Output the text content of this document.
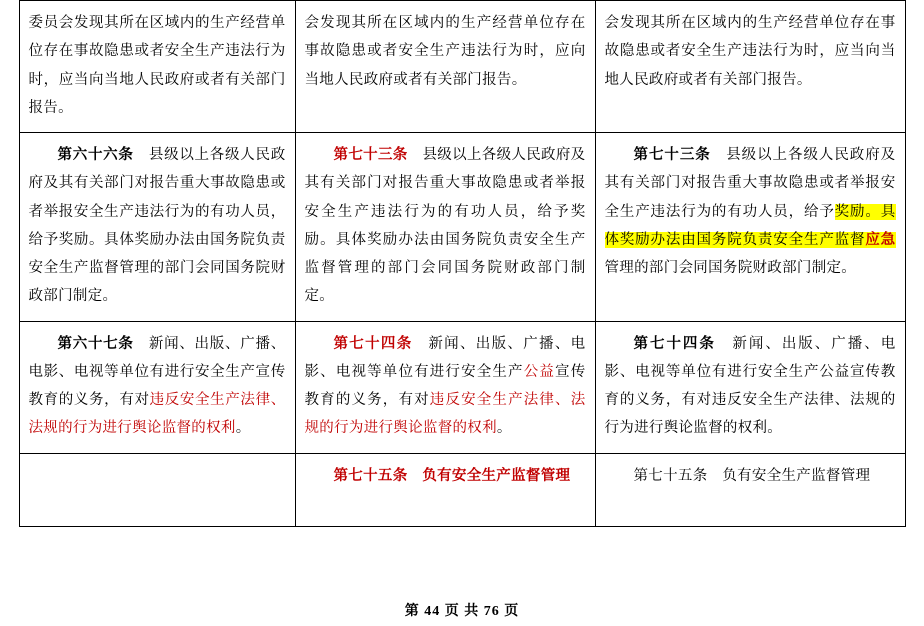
委员会发现其所在区域内的生产经营单位存在事故隐患或者安全生产违法行为时，应当向当地人民政府或者有关部门报告。	会发现其所在区域内的生产经营单位存在事故隐患或者安全生产违法行为时，应向当地人民政府或者有关部门报告。	会发现其所在区域内的生产经营单位存在事故隐患或者安全生产违法行为时，应当向当地人民政府或者有关部门报告。

第六十六条　 县级以上各级人民政府及其有关部门对报告重大事故隐患或者举报安全生产违法行为的有功人员，给予奖励。具体奖励办法由国务院负责安全生产监督管理的部门会同国务院财政部门制定。	第七十三条　 县级以上各级人民政府及其有关部门对报告重大事故隐患或者举报安全生产违法行为的有功人员，给予奖励。具体奖励办法由国务院负责安全生产监督管理的部门会同国务院财政部门制定。	第七十三条　 县级以上各级人民政府及其有关部门对报告重大事故隐患或者举报安全生产违法行为的有功人员，给予奖励。具体奖励办法由国务院负责安全生产监督应急管理的部门会同国务院财政部门制定。

第六十七条　 新闻、出版、广播、电影、电视等单位有进行安全生产宣传教育的义务，有对违反安全生产法律、法规的行为进行舆论监督的权利。	第七十四条　 新闻、出版、广播、电影、电视等单位有进行安全生产公益宣传教育的义务，有对违反安全生产法律、法规的行为进行舆论监督的权利。	第七十四条　 新闻、出版、广播、电影、电视等单位有进行安全生产公益宣传教育的义务，有对违反安全生产法律、法规的行为进行舆论监督的权利。

	第七十五条　 负有安全生产监督管理	第七十五条　 负有安全生产监督管理

第 44 页 共 76 页
